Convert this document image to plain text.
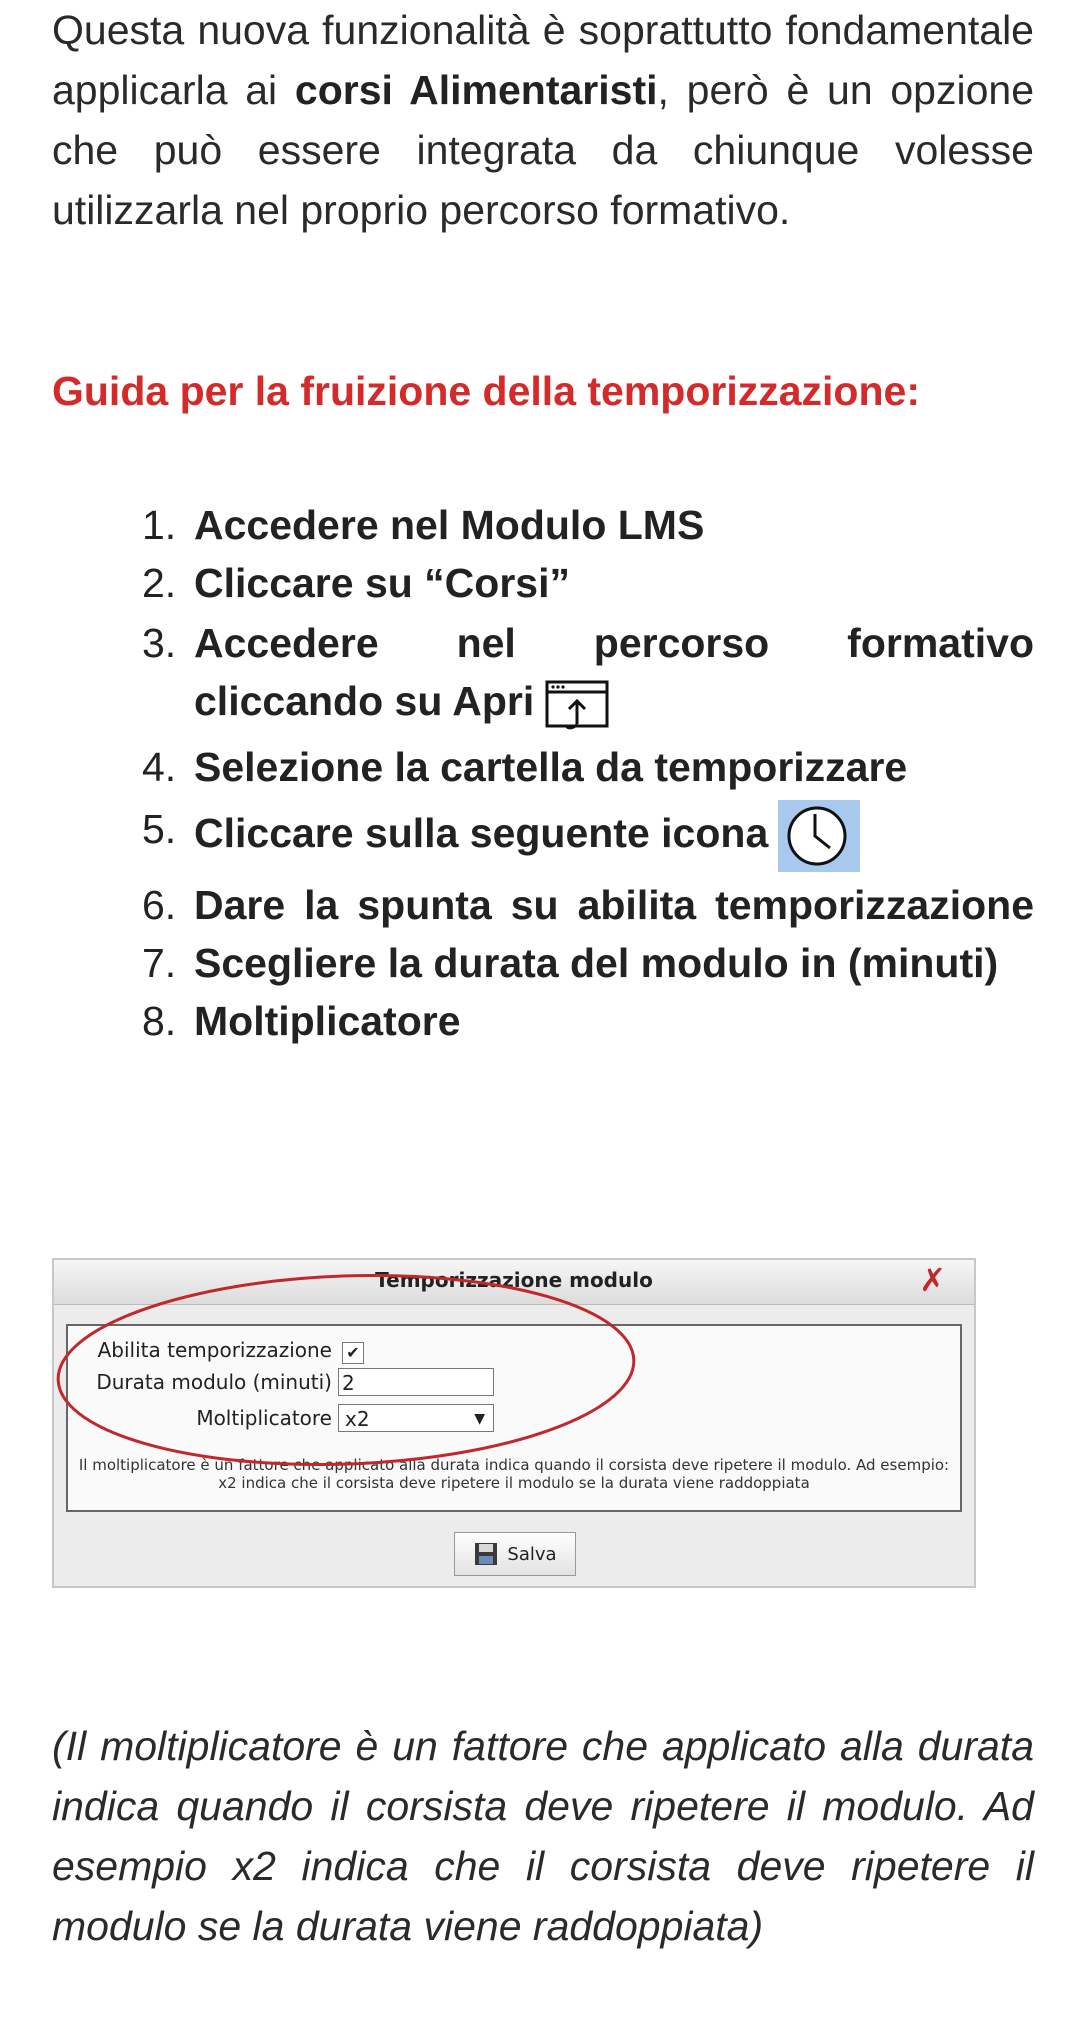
Questa nuova funzionalità è soprattutto fondamentale applicarla ai corsi Alimentaristi, però è un opzione che può essere integrata da chiunque volesse utilizzarla nel proprio percorso formativo.

Guida per la fruizione della temporizzazione:
1. Accedere nel Modulo LMS
2. Cliccare su “Corsi”
3. Accedere nel percorso formativo cliccando su Apri
4. Selezione la cartella da temporizzare
5. Cliccare sulla seguente icona
6. Dare la spunta su abilita temporizzazione
7. Scegliere la durata del modulo in (minuti)
8. Moltiplicatore
Temporizzazione modulo	✗
Abilita temporizzazione ✔
Durata modulo (minuti) 2
Moltiplicatore x2	▼
Il moltiplicatore è un fattore che applicato alla durata indica quando il corsista deve ripetere il modulo. Ad esempio: x2 indica che il corsista deve ripetere il modulo se la durata viene raddoppiata
Salva

(Il moltiplicatore è un fattore che applicato alla durata indica quando il corsista deve ripetere il modulo. Ad esempio x2 indica che il corsista deve ripetere il modulo se la durata viene raddoppiata)
